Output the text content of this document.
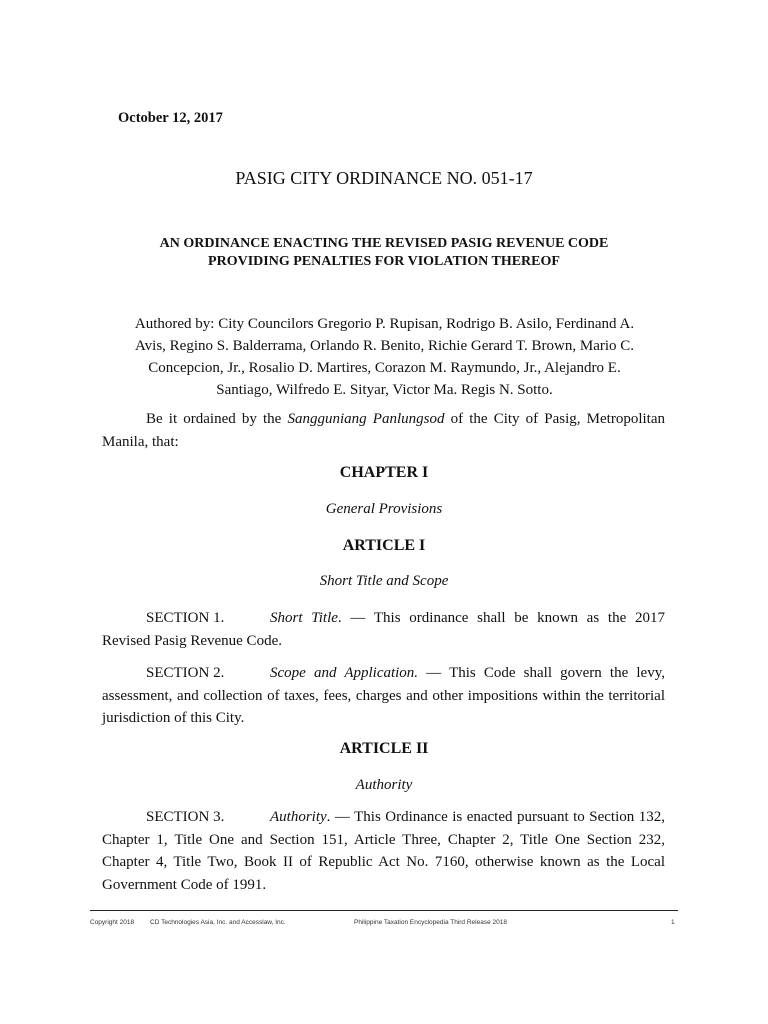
October 12, 2017
PASIG CITY ORDINANCE NO. 051-17
AN ORDINANCE ENACTING THE REVISED PASIG REVENUE CODE
PROVIDING PENALTIES FOR VIOLATION THEREOF
Authored by: City Councilors Gregorio P. Rupisan, Rodrigo B. Asilo, Ferdinand A.
Avis, Regino S. Balderrama, Orlando R. Benito, Richie Gerard T. Brown, Mario C.
Concepcion, Jr., Rosalio D. Martires, Corazon M. Raymundo, Jr., Alejandro E.
Santiago, Wilfredo E. Sityar, Victor Ma. Regis N. Sotto.
Be it ordained by the Sangguniang Panlungsod of the City of Pasig, Metropolitan Manila, that:
CHAPTER I
General Provisions
ARTICLE I
Short Title and Scope
SECTION 1.	Short Title. — This ordinance shall be known as the 2017 Revised Pasig Revenue Code.
SECTION 2.	Scope and Application. — This Code shall govern the levy, assessment, and collection of taxes, fees, charges and other impositions within the territorial jurisdiction of this City.
ARTICLE II
Authority
SECTION 3.	Authority. — This Ordinance is enacted pursuant to Section 132, Chapter 1, Title One and Section 151, Article Three, Chapter 2, Title One Section 232, Chapter 4, Title Two, Book II of Republic Act No. 7160, otherwise known as the Local Government Code of 1991.
Copyright 2018 CD Technologies Asia, Inc. and Accesslaw, Inc.	Philippine Taxation Encyclopedia Third Release 2018	1
